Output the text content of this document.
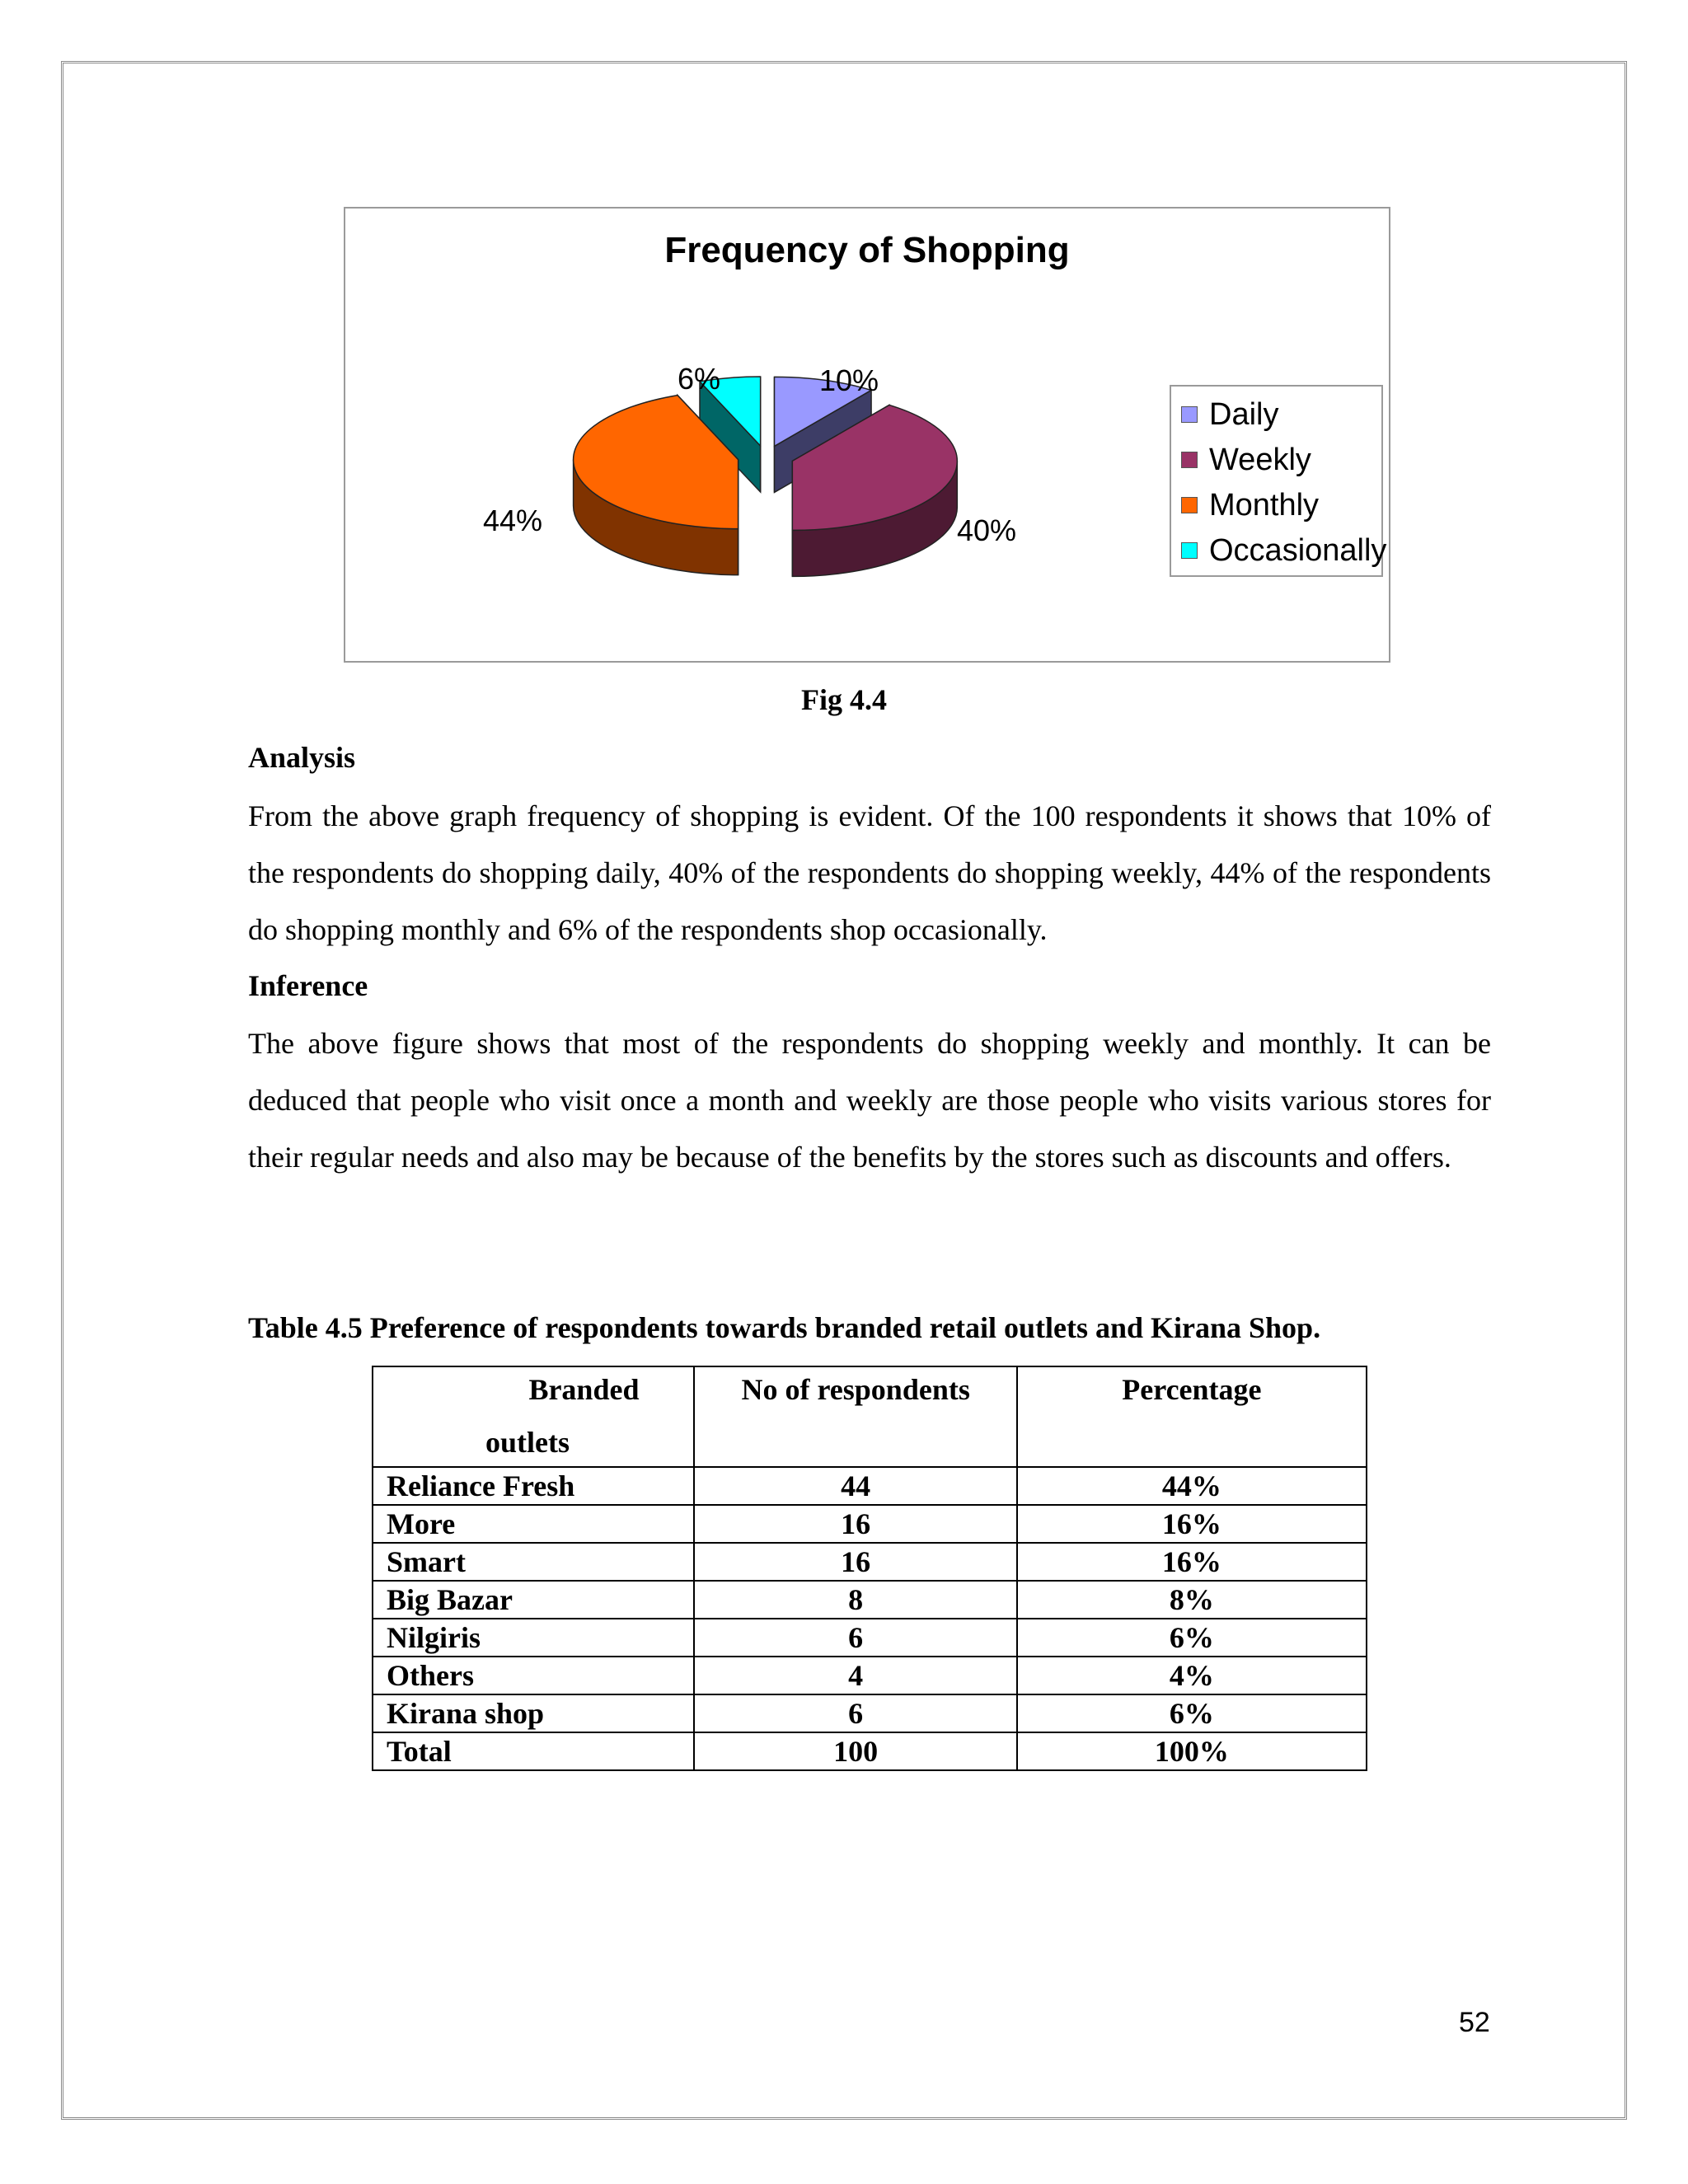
Frequency of Shopping
10%
40%
44%
6%
Daily
Weekly
Monthly
Occasionally
Fig 4.4
Analysis
From the above graph frequency of shopping is evident. Of the 100 respondents it shows that 10% of the respondents do shopping daily, 40% of the respondents do shopping weekly, 44% of the respondents do shopping monthly and 6% of the respondents shop occasionally.
Inference
The above figure shows that most of the respondents do shopping weekly and monthly. It can be deduced that people who visit once a month and weekly are those people who visits various stores for their regular needs and also may be because of the benefits by the stores such as discounts and offers.
Table 4.5 Preference of respondents towards branded retail outlets and Kirana Shop.
Branded
outlets	No of respondents	Percentage
Reliance Fresh	44	44%
More	16	16%
Smart	16	16%
Big Bazar	8	8%
Nilgiris	6	6%
Others	4	4%
Kirana shop	6	6%
Total	100	100%
52
